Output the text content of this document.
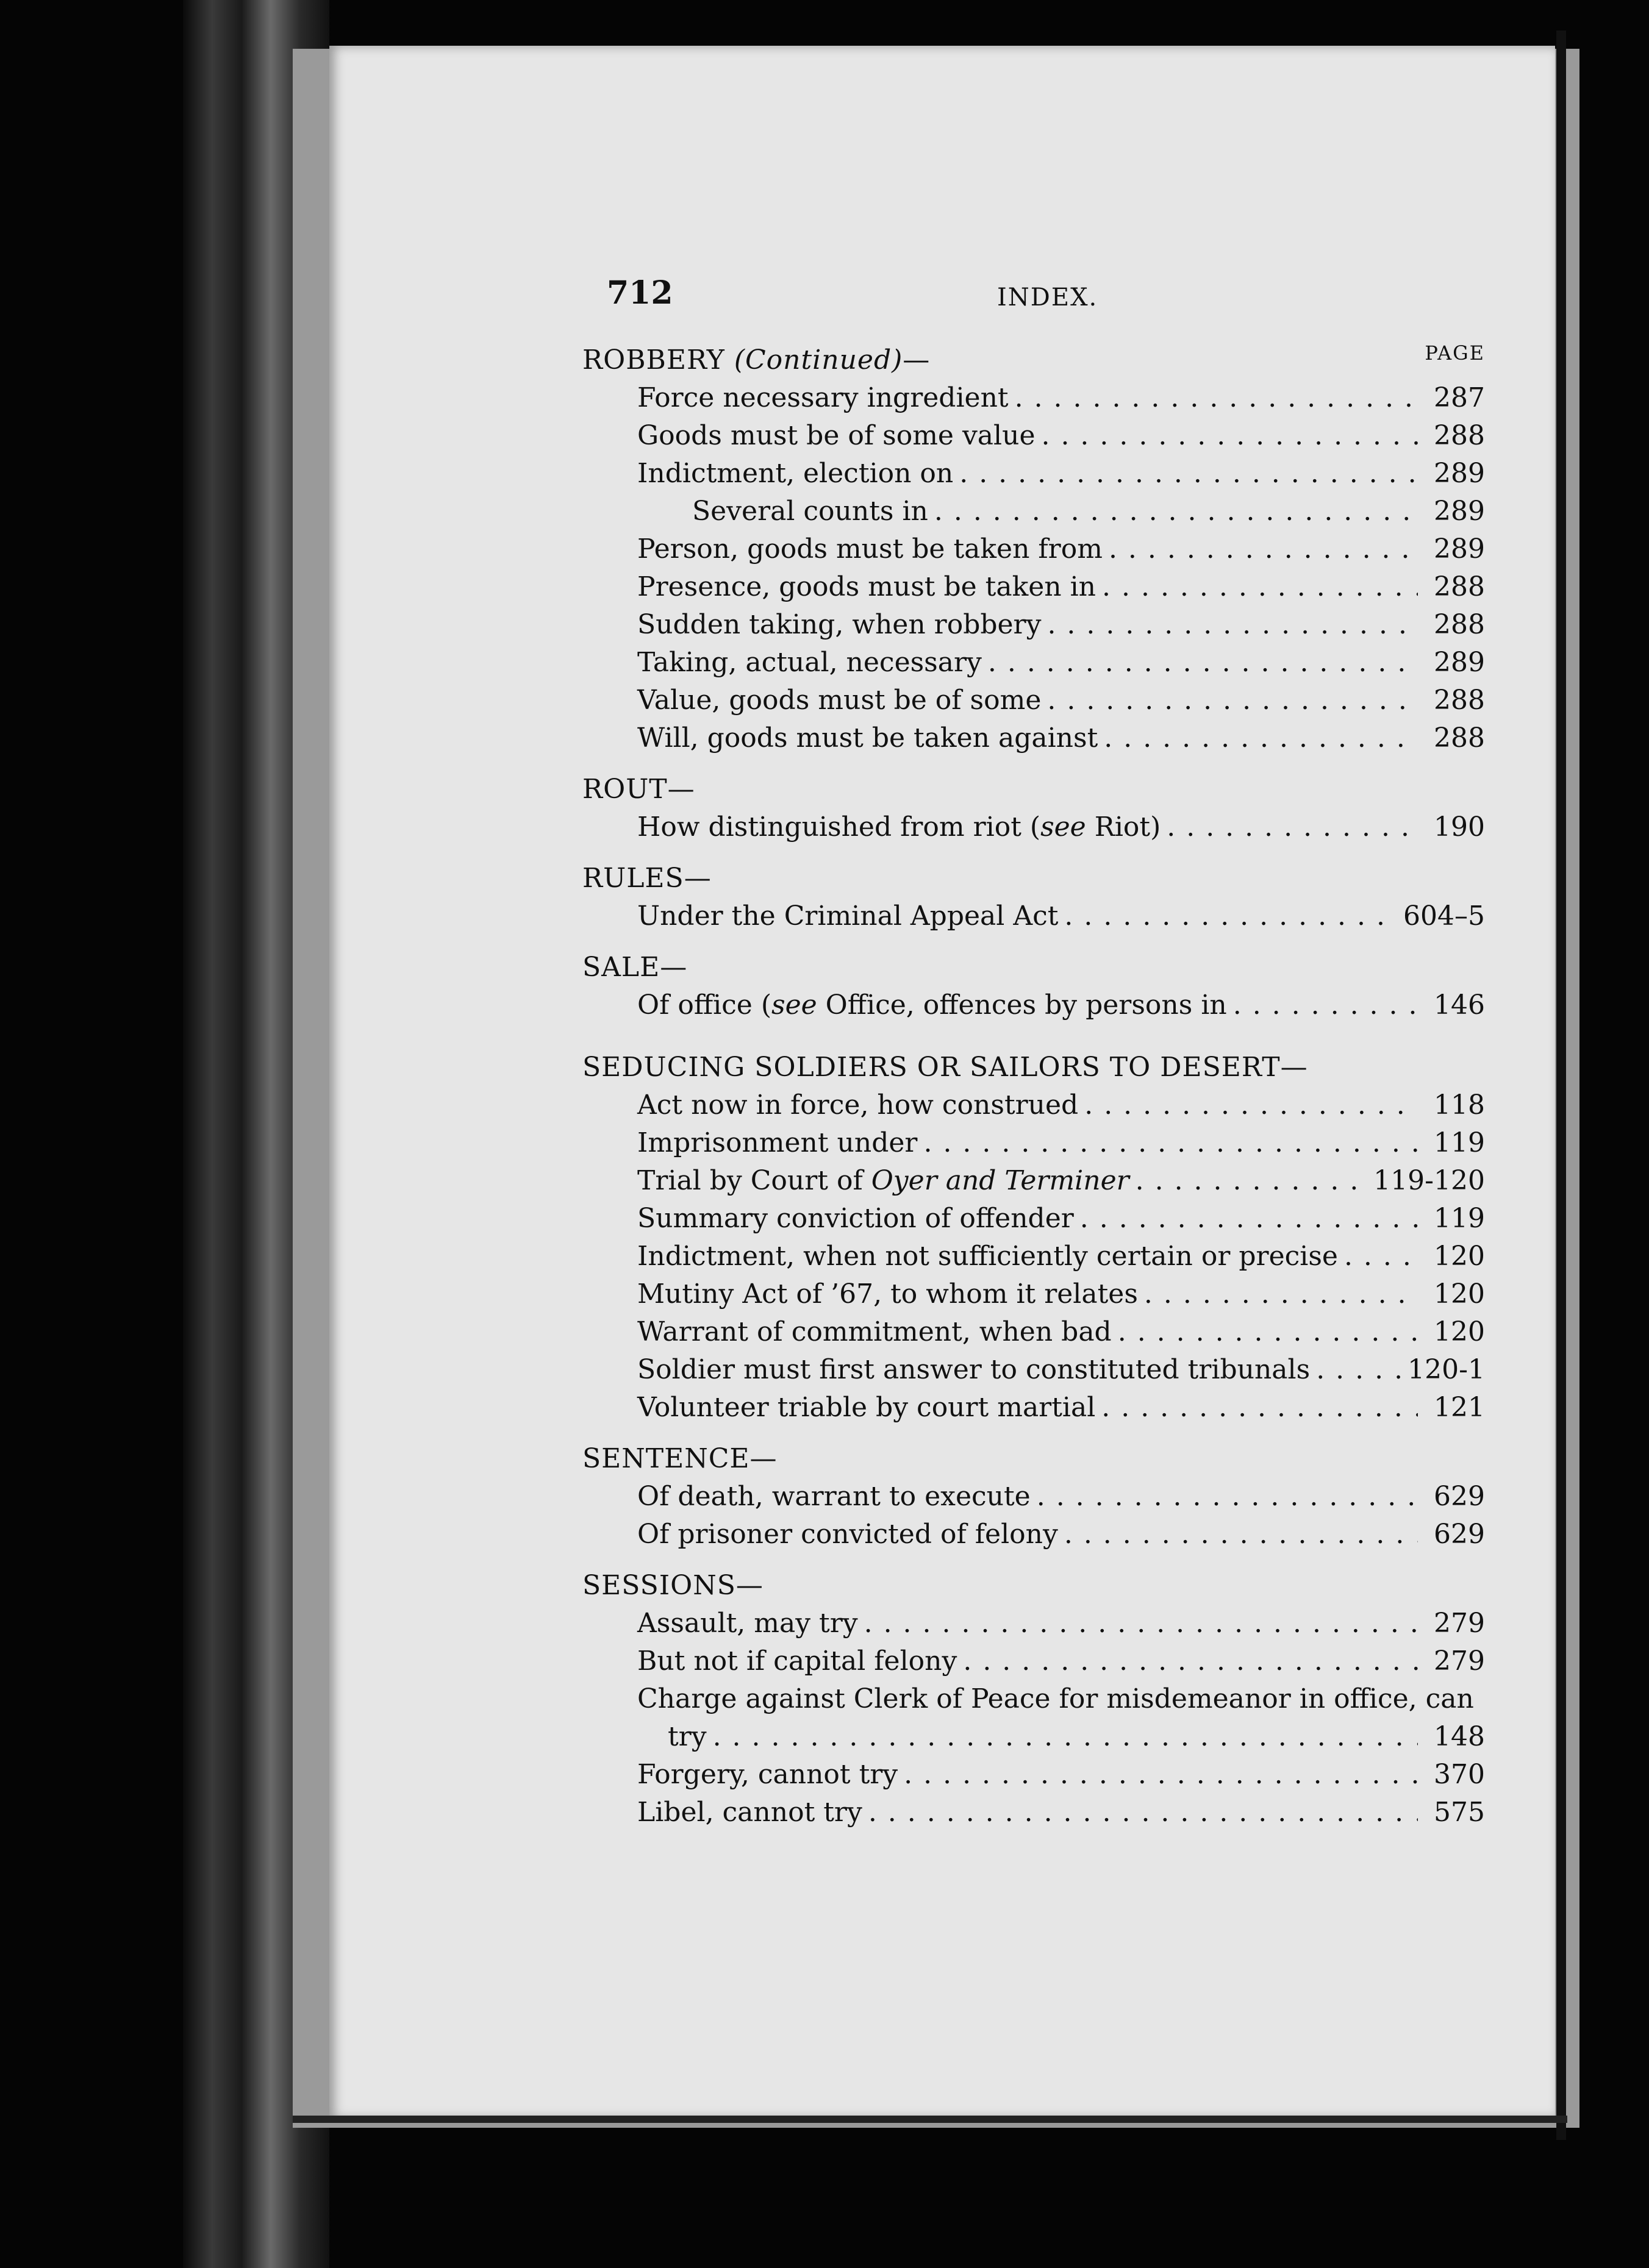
712	INDEX.
PAGE
ROBBERY (Continued)—
Force necessary ingredient . . .	287
Goods must be of some value . . .	288
Indictment, election on . . .	289
Several counts in . . .	289
Person, goods must be taken from . . .	289
Presence, goods must be taken in . . .	288
Sudden taking, when robbery . . .	288
Taking, actual, necessary . . .	289
Value, goods must be of some . . .	288
Will, goods must be taken against . . .	288
ROUT—
How distinguished from riot (see Riot) . . .	190
RULES—
Under the Criminal Appeal Act . . .	604–5
SALE—
Of office (see Office, offences by persons in . . .	146
SEDUCING SOLDIERS OR SAILORS TO DESERT—
Act now in force, how construed . . .	118
Imprisonment under . . .	119
Trial by Court of Oyer and Terminer . . .	119-120
Summary conviction of offender . . .	119
Indictment, when not sufficiently certain or precise . . .	120
Mutiny Act of ’67, to whom it relates . . .	120
Warrant of commitment, when bad . . .	120
Soldier must first answer to constituted tribunals . . .	120-1
Volunteer triable by court martial . . .	121
SENTENCE—
Of death, warrant to execute . . .	629
Of prisoner convicted of felony . . .	629
SESSIONS—
Assault, may try . . .	279
But not if capital felony . . .	279
Charge against Clerk of Peace for misdemeanor in office, can
try . . .	148
Forgery, cannot try . . .	370
Libel, cannot try . . .	575
